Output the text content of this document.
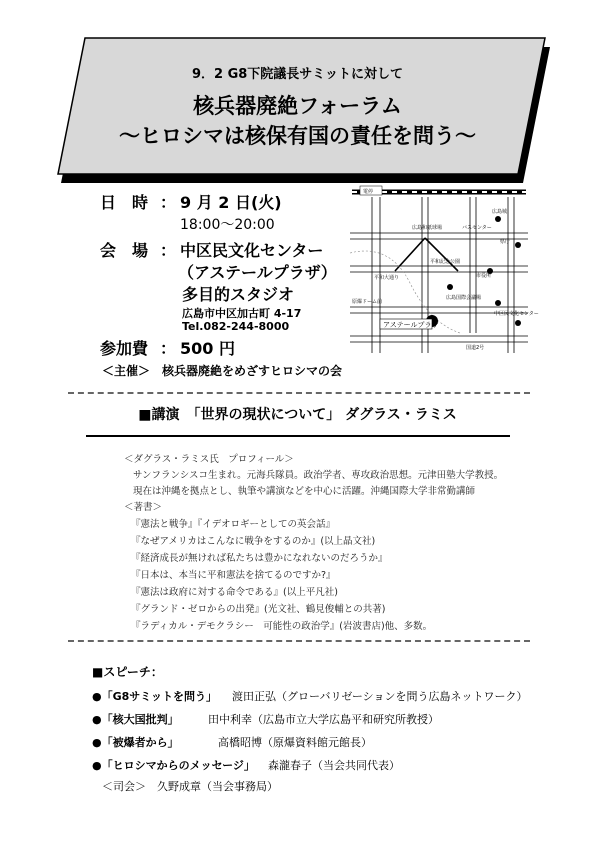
9．2 G8下院議長サミットに対して
核兵器廃絶フォーラム
～ヒロシマは核保有国の責任を問う～
日　時 ： 9 月 2 日(火)
18:00～20:00
会　場 ： 中区民文化センター
（アステールプラザ）
多目的スタジオ
広島市中区加古町 4-17
Tel.082-244-8000
参加費 ： 500 円
＜主催＞　核兵器廃絶をめざすヒロシマの会
電停
広島城
広島和紙球場	バスセンター
県庁
平和記念公園
平和大通り	市役所
広島国際会議場
原爆ドーム前
中区民文化センター
国道2号
アステールプラザ
■講演　「世界の現状について」 ダグラス・ラミス
＜ダグラス・ラミス氏　プロフィール＞
サンフランシスコ生まれ。元海兵隊員。政治学者、専攻政治思想。元津田塾大学教授。
現在は沖縄を拠点とし、執筆や講演などを中心に活躍。沖縄国際大学非常勤講師
＜著書＞
『憲法と戦争』『イデオロギーとしての英会話』
『なぜアメリカはこんなに戦争をするのか』(以上晶文社)
『経済成長が無ければ私たちは豊かになれないのだろうか』
『日本は、本当に平和憲法を捨てるのですか?』
『憲法は政府に対する命令である』(以上平凡社)
『グランド・ゼロからの出発』(光文社、鶴見俊輔との共著)
『ラディカル・デモクラシー　可能性の政治学』(岩波書店)他、多数。
■スピーチ：
●「G8サミットを問う」 渡田正弘（グローバリゼーションを問う広島ネットワーク）
●「核大国批判」	田中利幸（広島市立大学広島平和研究所教授）
●「被爆者から」	高橋昭博（原爆資料館元館長）
●「ヒロシマからのメッセージ」 森瀧春子（当会共同代表）
＜司会＞　久野成章（当会事務局）
